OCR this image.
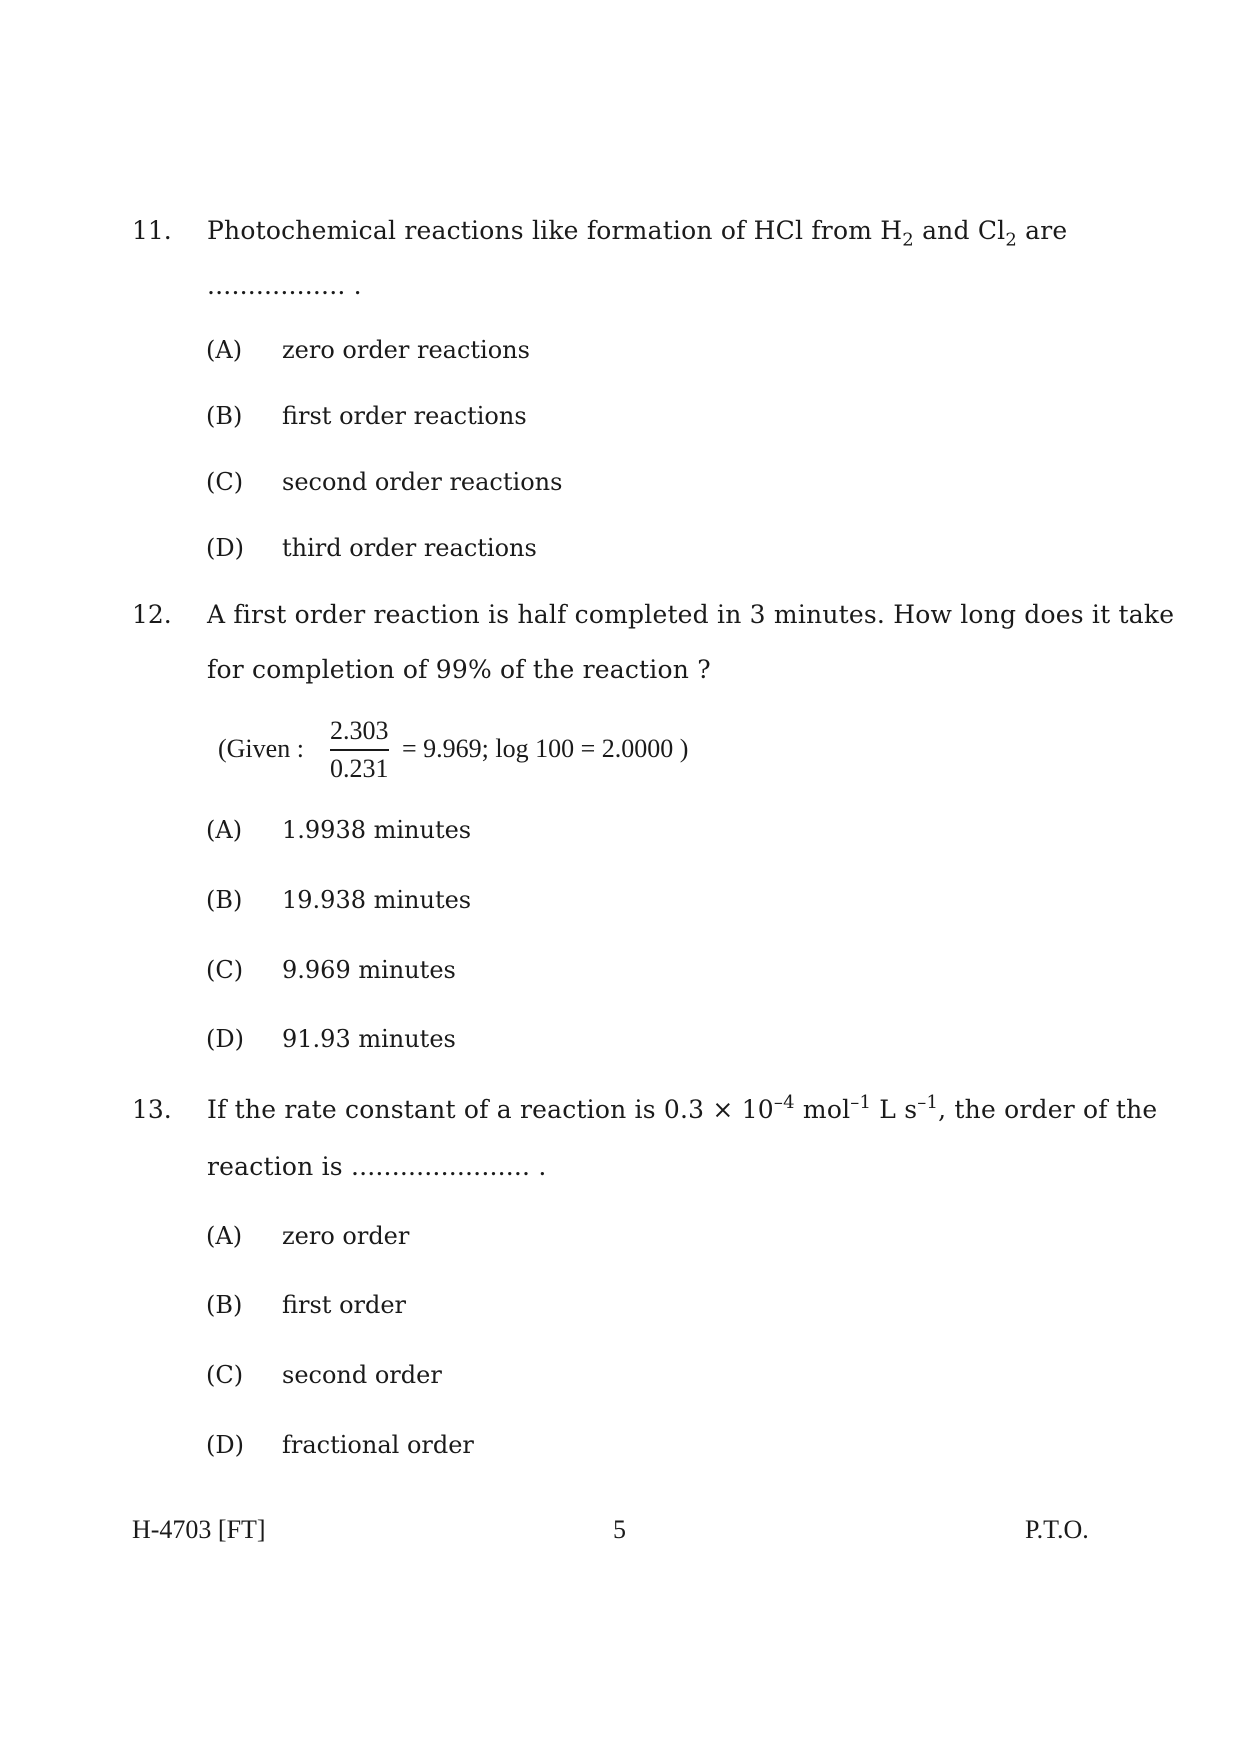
11. Photochemical reactions like formation of HCl from $H_2$ and $Cl_2$ are
................. .
(A) zero order reactions
(B) first order reactions
(C) second order reactions
(D) third order reactions
12. A first order reaction is half completed in 3 minutes. How long does it take
for completion of 99% of the reaction ?
(Given :
2.303
0.231
= 9.969; log 100 = 2.0000 )
(A) 1.9938 minutes
(B) 19.938 minutes
(C) 9.969 minutes
(D) 91.93 minutes
13. If the rate constant of a reaction is $0.3 \times 10^{-4}$ mol$^{-1}$ L $s^{-1}$, the order of the
reaction is ...................... .
(A) zero order
(B) first order
(C) second order
(D) fractional order
H-4703 [FT]	5	P.T.O.
